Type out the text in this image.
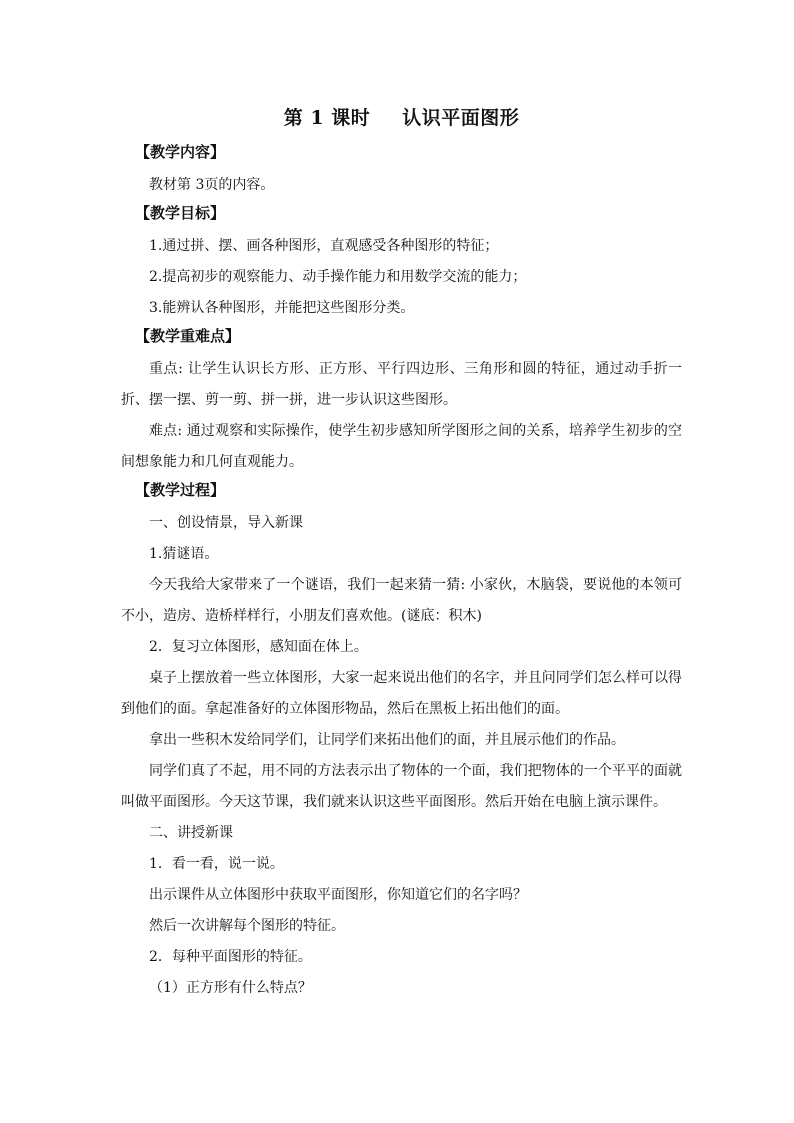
第 1 课时 认识平面图形
【教学内容】

教材第 3页的内容。

【教学目标】

1.通过拼、摆、画各种图形，直观感受各种图形的特征；

2.提高初步的观察能力、动手操作能力和用数学交流的能力；

3.能辨认各种图形，并能把这些图形分类。

【教学重难点】

重点: 让学生认识长方形、正方形、平行四边形、三角形和圆的特征，通过动手折一折、摆一摆、剪一剪、拼一拼，进一步认识这些图形。

难点: 通过观察和实际操作，使学生初步感知所学图形之间的关系，培养学生初步的空间想象能力和几何直观能力。

【教学过程】

一、创设情景，导入新课

1.猜谜语。

今天我给大家带来了一个谜语，我们一起来猜一猜: 小家伙，木脑袋，要说他的本领可不小，造房、造桥样样行，小朋友们喜欢他。(谜底：积木)

2．复习立体图形，感知面在体上。

桌子上摆放着一些立体图形，大家一起来说出他们的名字，并且问同学们怎么样可以得到他们的面。拿起准备好的立体图形物品，然后在黑板上拓出他们的面。

拿出一些积木发给同学们，让同学们来拓出他们的面，并且展示他们的作品。

同学们真了不起，用不同的方法表示出了物体的一个面，我们把物体的一个平平的面就叫做平面图形。今天这节课，我们就来认识这些平面图形。然后开始在电脑上演示课件。

二、讲授新课

1．看一看，说一说。

出示课件从立体图形中获取平面图形，你知道它们的名字吗？

然后一次讲解每个图形的特征。

2．每种平面图形的特征。

（1）正方形有什么特点？
